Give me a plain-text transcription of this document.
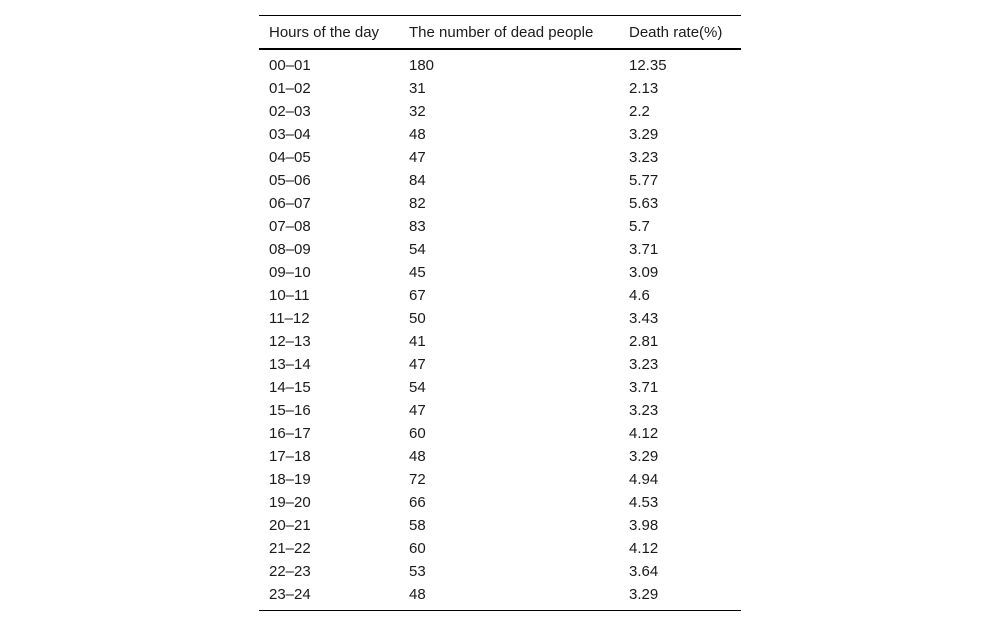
Hours of the day	The number of dead people	Death rate(%)
00–01	180	12.35
01–02	31	2.13
02–03	32	2.2
03–04	48	3.29
04–05	47	3.23
05–06	84	5.77
06–07	82	5.63
07–08	83	5.7
08–09	54	3.71
09–10	45	3.09
10–11	67	4.6
11–12	50	3.43
12–13	41	2.81
13–14	47	3.23
14–15	54	3.71
15–16	47	3.23
16–17	60	4.12
17–18	48	3.29
18–19	72	4.94
19–20	66	4.53
20–21	58	3.98
21–22	60	4.12
22–23	53	3.64
23–24	48	3.29
